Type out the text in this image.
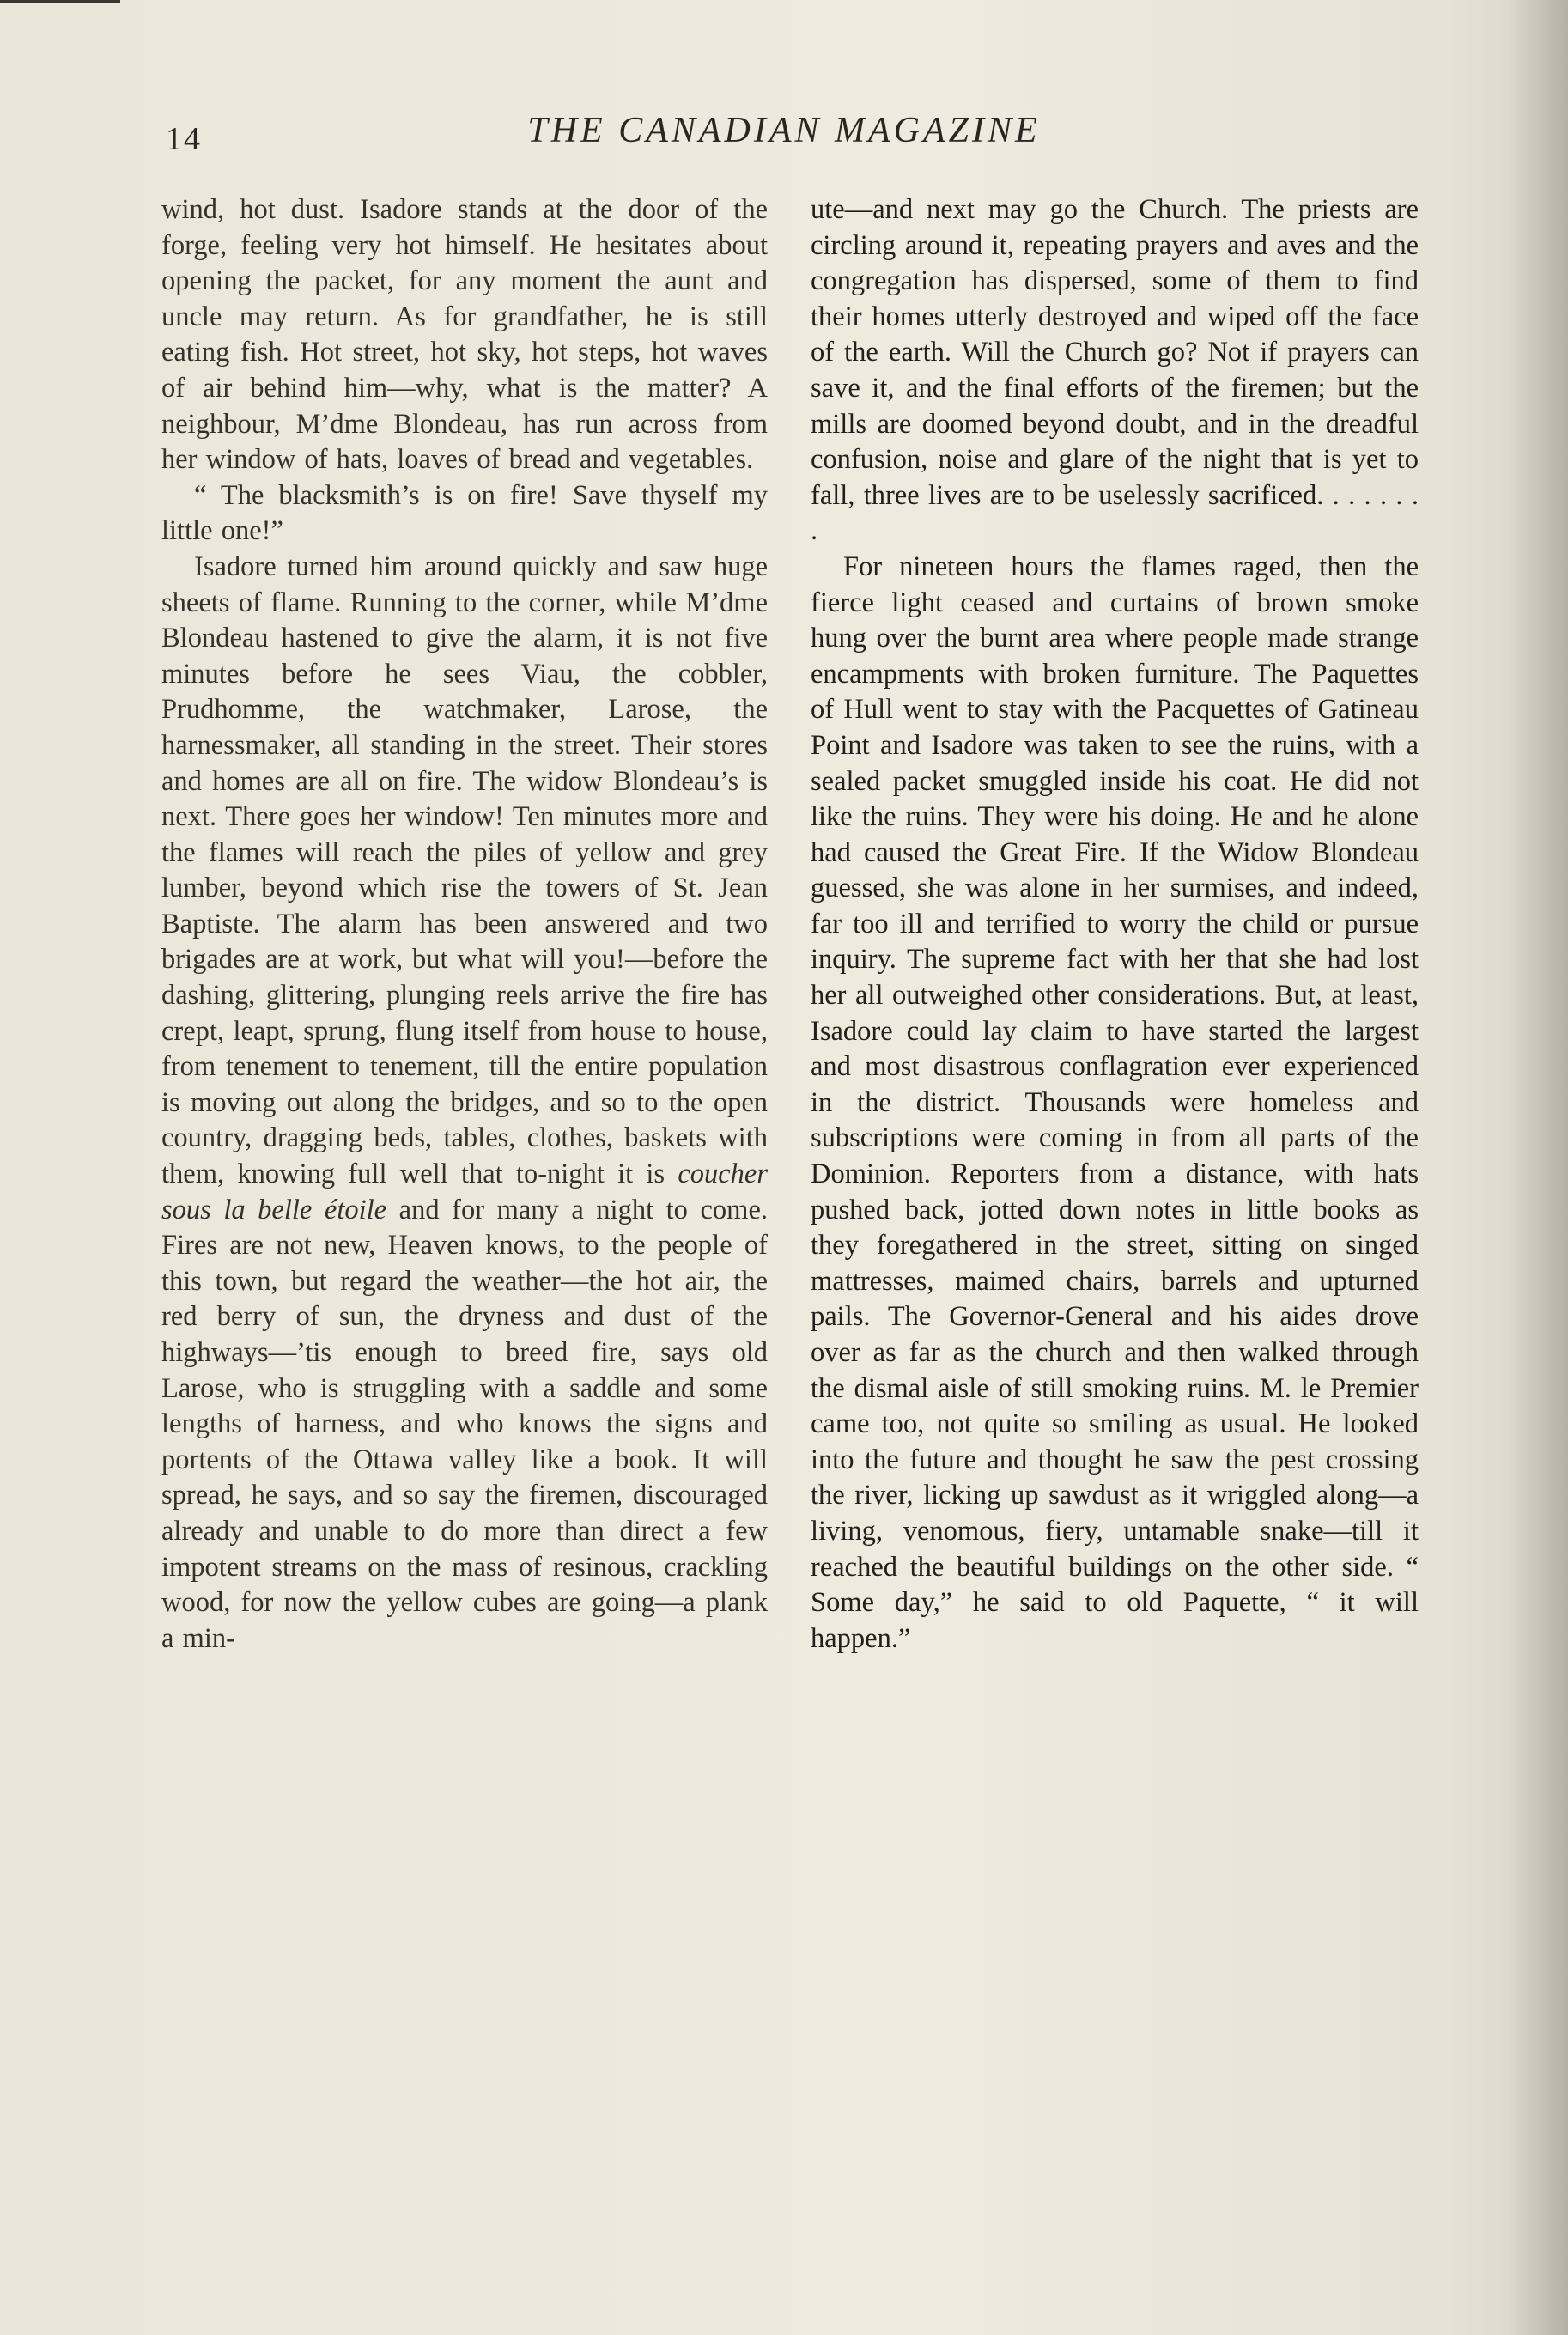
14	THE CANADIAN MAGAZINE

wind, hot dust. Isadore stands at the door of the forge, feeling very hot himself. He hesitates about opening the packet, for any moment the aunt and uncle may return. As for grandfather, he is still eating fish. Hot street, hot sky, hot steps, hot waves of air behind him—why, what is the matter? A neighbour, M’dme Blondeau, has run across from her window of hats, loaves of bread and vegetables.

“ The blacksmith’s is on fire! Save thyself my little one!”

Isadore turned him around quickly and saw huge sheets of flame. Running to the corner, while M’dme Blondeau hastened to give the alarm, it is not five minutes before he sees Viau, the cobbler, Prudhomme, the watchmaker, Larose, the harnessmaker, all standing in the street. Their stores and homes are all on fire. The widow Blondeau’s is next. There goes her window! Ten minutes more and the flames will reach the piles of yellow and grey lumber, beyond which rise the towers of St. Jean Baptiste. The alarm has been answered and two brigades are at work, but what will you!—before the dashing, glittering, plunging reels arrive the fire has crept, leapt, sprung, flung itself from house to house, from tenement to tenement, till the entire population is moving out along the bridges, and so to the open country, dragging beds, tables, clothes, baskets with them, knowing full well that to-night it is coucher sous la belle étoile and for many a night to come. Fires are not new, Heaven knows, to the people of this town, but regard the weather—the hot air, the red berry of sun, the dryness and dust of the highways—’tis enough to breed fire, says old Larose, who is struggling with a saddle and some lengths of harness, and who knows the signs and portents of the Ottawa valley like a book. It will spread, he says, and so say the firemen, discouraged already and unable to do more than direct a few impotent streams on the mass of resinous, crackling wood, for now the yellow cubes are going—a plank a min-

ute—and next may go the Church. The priests are circling around it, repeating prayers and aves and the congregation has dispersed, some of them to find their homes utterly destroyed and wiped off the face of the earth. Will the Church go? Not if prayers can save it, and the final efforts of the firemen; but the mills are doomed beyond doubt, and in the dreadful confusion, noise and glare of the night that is yet to fall, three lives are to be uselessly sacrificed. . . . . . . .

For nineteen hours the flames raged, then the fierce light ceased and curtains of brown smoke hung over the burnt area where people made strange encampments with broken furniture. The Paquettes of Hull went to stay with the Pacquettes of Gatineau Point and Isadore was taken to see the ruins, with a sealed packet smuggled inside his coat. He did not like the ruins. They were his doing. He and he alone had caused the Great Fire. If the Widow Blondeau guessed, she was alone in her surmises, and indeed, far too ill and terrified to worry the child or pursue inquiry. The supreme fact with her that she had lost her all outweighed other considerations. But, at least, Isadore could lay claim to have started the largest and most disastrous conflagration ever experienced in the district. Thousands were homeless and subscriptions were coming in from all parts of the Dominion. Reporters from a distance, with hats pushed back, jotted down notes in little books as they foregathered in the street, sitting on singed mattresses, maimed chairs, barrels and upturned pails. The Governor-General and his aides drove over as far as the church and then walked through the dismal aisle of still smoking ruins. M. le Premier came too, not quite so smiling as usual. He looked into the future and thought he saw the pest crossing the river, licking up sawdust as it wriggled along—a living, venomous, fiery, untamable snake—till it reached the beautiful buildings on the other side. “ Some day,” he said to old Paquette, “ it will happen.”
